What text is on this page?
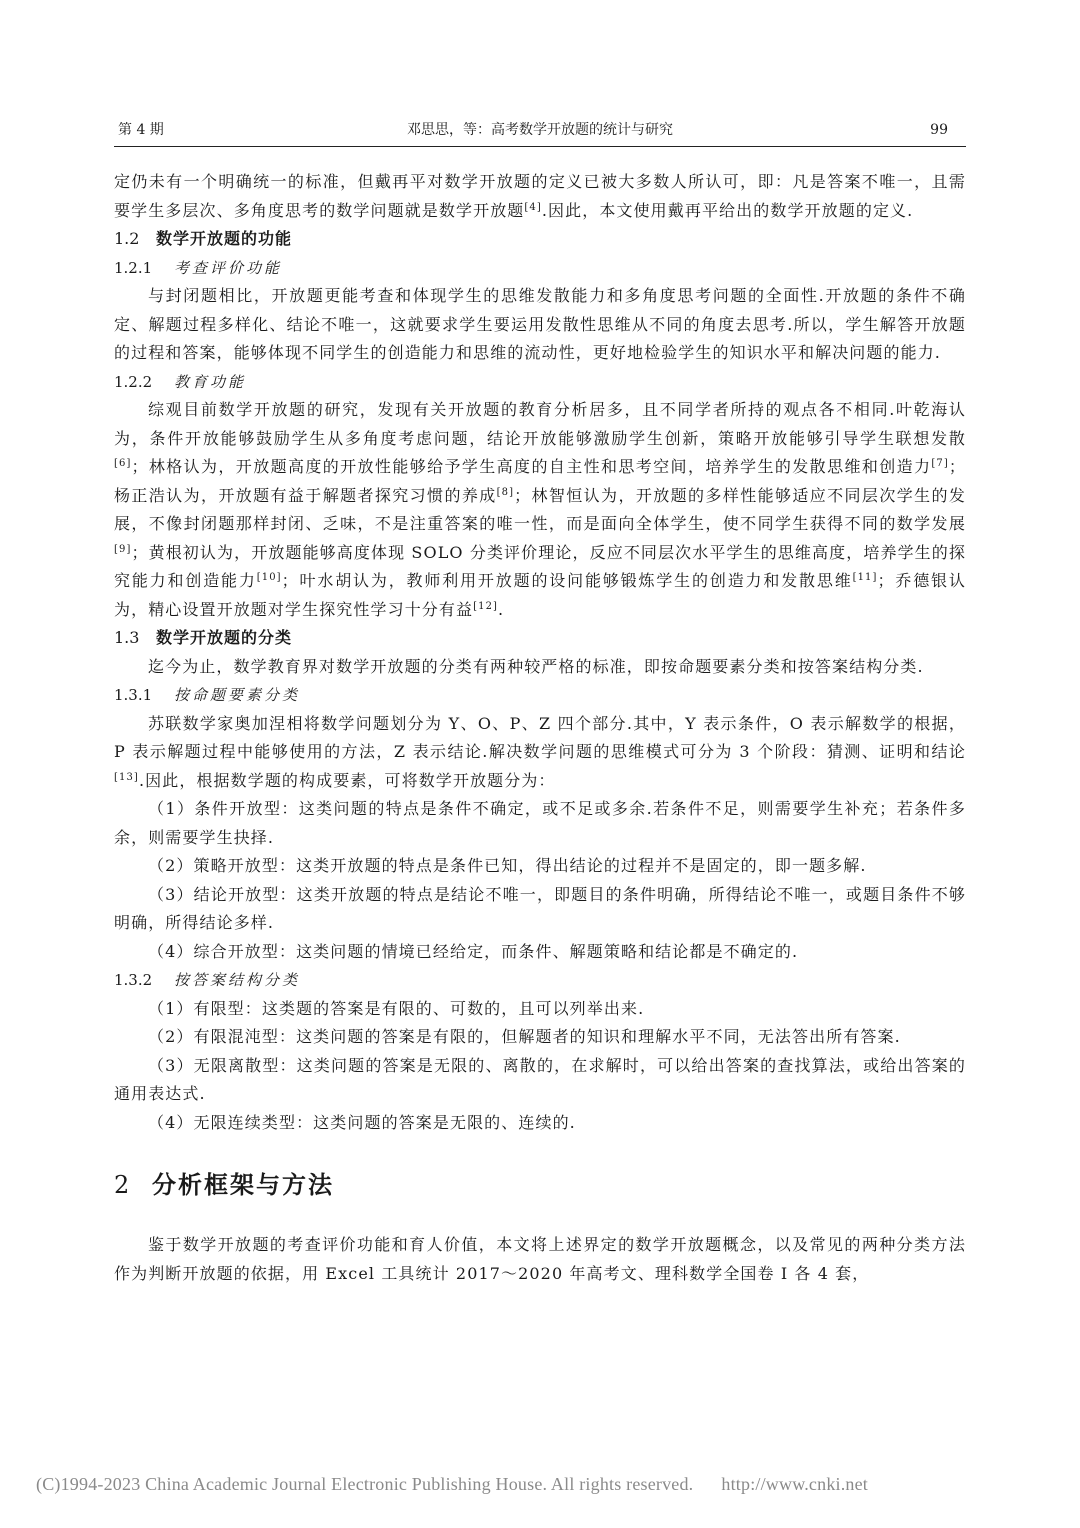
第 4 期	邓思思，等：高考数学开放题的统计与研究	99

定仍未有一个明确统一的标准，但戴再平对数学开放题的定义已被大多数人所认可，即：凡是答案不唯一，且需要学生多层次、多角度思考的数学问题就是数学开放题[4].因此，本文使用戴再平给出的数学开放题的定义.

1.2 数学开放题的功能

1.2.1 考查评价功能

与封闭题相比，开放题更能考查和体现学生的思维发散能力和多角度思考问题的全面性.开放题的条件不确定、解题过程多样化、结论不唯一，这就要求学生要运用发散性思维从不同的角度去思考.所以，学生解答开放题的过程和答案，能够体现不同学生的创造能力和思维的流动性，更好地检验学生的知识水平和解决问题的能力.

1.2.2 教育功能

综观目前数学开放题的研究，发现有关开放题的教育分析居多，且不同学者所持的观点各不相同.叶乾海认为，条件开放能够鼓励学生从多角度考虑问题，结论开放能够激励学生创新，策略开放能够引导学生联想发散[6]；林格认为，开放题高度的开放性能够给予学生高度的自主性和思考空间，培养学生的发散思维和创造力[7]；杨正浩认为，开放题有益于解题者探究习惯的养成[8]；林智恒认为，开放题的多样性能够适应不同层次学生的发展，不像封闭题那样封闭、乏味，不是注重答案的唯一性，而是面向全体学生，使不同学生获得不同的数学发展[9]；黄根初认为，开放题能够高度体现 SOLO 分类评价理论，反应不同层次水平学生的思维高度，培养学生的探究能力和创造能力[10]；叶水胡认为，教师利用开放题的设问能够锻炼学生的创造力和发散思维[11]；乔德银认为，精心设置开放题对学生探究性学习十分有益[12].

1.3 数学开放题的分类

迄今为止，数学教育界对数学开放题的分类有两种较严格的标准，即按命题要素分类和按答案结构分类.

1.3.1 按命题要素分类

苏联数学家奥加涅相将数学问题划分为 Y、O、P、Z 四个部分.其中，Y 表示条件，O 表示解数学的根据，P 表示解题过程中能够使用的方法，Z 表示结论.解决数学问题的思维模式可分为 3 个阶段：猜测、证明和结论[13].因此，根据数学题的构成要素，可将数学开放题分为：

（1）条件开放型：这类问题的特点是条件不确定，或不足或多余.若条件不足，则需要学生补充；若条件多余，则需要学生抉择.

（2）策略开放型：这类开放题的特点是条件已知，得出结论的过程并不是固定的，即一题多解.

（3）结论开放型：这类开放题的特点是结论不唯一，即题目的条件明确，所得结论不唯一，或题目条件不够明确，所得结论多样.

（4）综合开放型：这类问题的情境已经给定，而条件、解题策略和结论都是不确定的.

1.3.2 按答案结构分类

（1）有限型：这类题的答案是有限的、可数的，且可以列举出来.

（2）有限混沌型：这类问题的答案是有限的，但解题者的知识和理解水平不同，无法答出所有答案.

（3）无限离散型：这类问题的答案是无限的、离散的，在求解时，可以给出答案的查找算法，或给出答案的通用表达式.

（4）无限连续类型：这类问题的答案是无限的、连续的.

2 分析框架与方法

鉴于数学开放题的考查评价功能和育人价值，本文将上述界定的数学开放题概念，以及常见的两种分类方法作为判断开放题的依据，用 Excel 工具统计 2017～2020 年高考文、理科数学全国卷 I 各 4 套，

(C)1994-2023 China Academic Journal Electronic Publishing House. All rights reserved. http://www.cnki.net
